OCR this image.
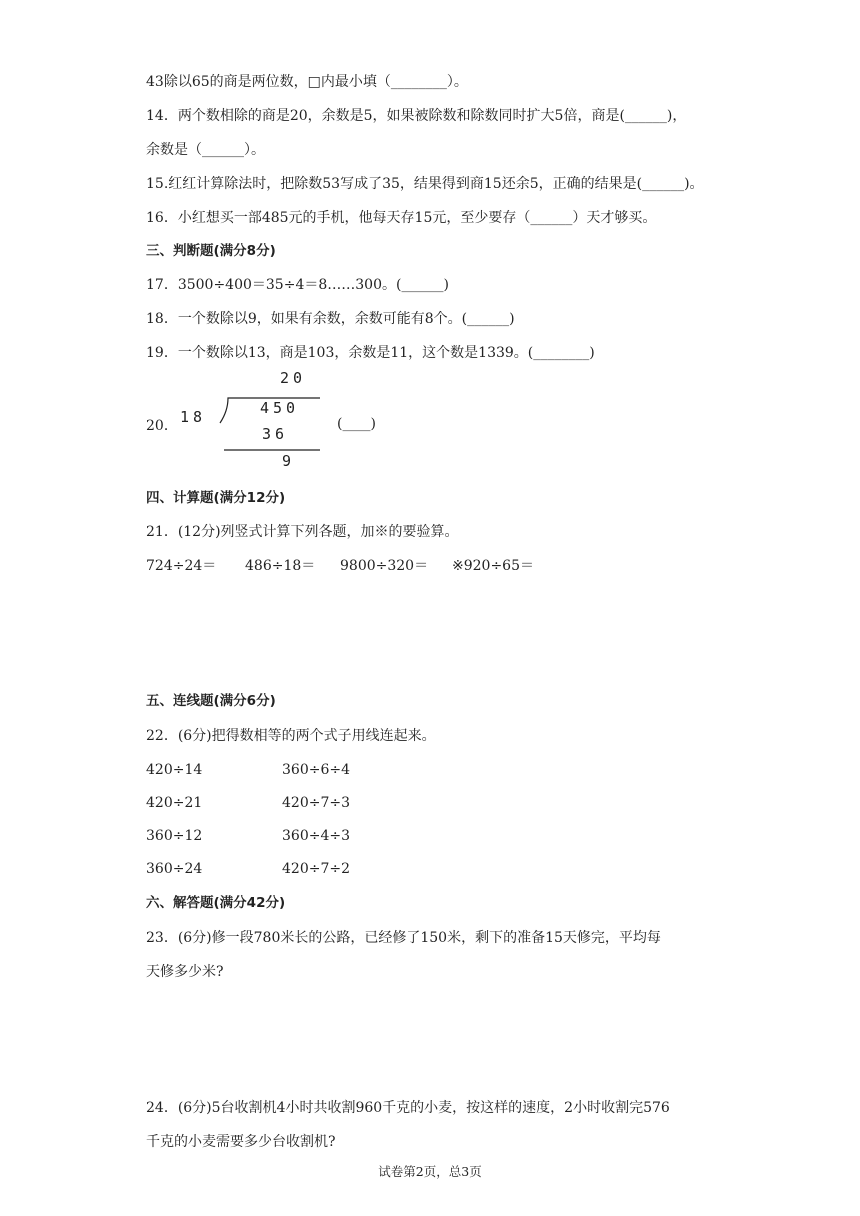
43除以65的商是两位数，□内最小填（________）。
14．两个数相除的商是20，余数是5，如果被除数和除数同时扩大5倍，商是(______)，
余数是（______）。
15.红红计算除法时，把除数53写成了35，结果得到商15还余5，正确的结果是(______)。
16．小红想买一部485元的手机，他每天存15元，至少要存（______）天才够买。
三、判断题(满分8分)
17．3500÷400＝35÷4＝8……300。(______)
18．一个数除以9，如果有余数，余数可能有8个。(______)
19．一个数除以13，商是103，余数是11，这个数是1339。(________)
20．
20
18	450
36
9
(____)
四、计算题(满分12分)
21．(12分)列竖式计算下列各题，加※的要验算。
724÷24＝ 486÷18＝ 9800÷320＝ ※920÷65＝
五、连线题(满分6分)
22．(6分)把得数相等的两个式子用线连起来。
420÷14	360÷6÷4
420÷21	420÷7÷3
360÷12	360÷4÷3
360÷24	420÷7÷2
六、解答题(满分42分)
23．(6分)修一段780米长的公路，已经修了150米，剩下的准备15天修完，平均每
天修多少米?
24．(6分)5台收割机4小时共收割960千克的小麦，按这样的速度，2小时收割完576
千克的小麦需要多少台收割机?
试卷第2页，总3页
